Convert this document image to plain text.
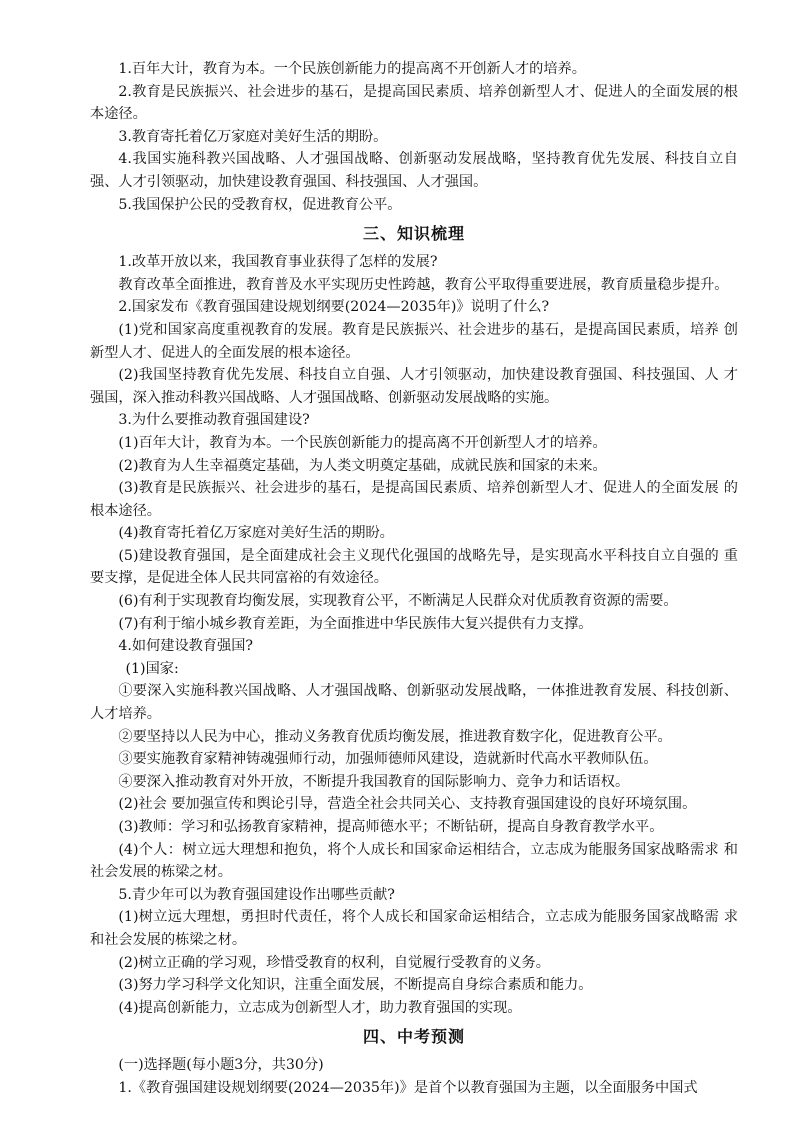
1.百年大计，教育为本。一个民族创新能力的提高离不开创新人才的培养。

2.教育是民族振兴、社会进步的基石，是提高国民素质、培养创新型人才、促进人的全面发展的根本途径。

3.教育寄托着亿万家庭对美好生活的期盼。

4.我国实施科教兴国战略、人才强国战略、创新驱动发展战略，坚持教育优先发展、科技自立自强、人才引领驱动，加快建设教育强国、科技强国、人才强国。

5.我国保护公民的受教育权，促进教育公平。

三、知识梳理

1.改革开放以来，我国教育事业获得了怎样的发展?

教育改革全面推进，教育普及水平实现历史性跨越，教育公平取得重要进展，教育质量稳步提升。

2.国家发布《教育强国建设规划纲要(2024—2035年)》说明了什么?

(1)党和国家高度重视教育的发展。教育是民族振兴、社会进步的基石，是提高国民素质，培养 创新型人才、促进人的全面发展的根本途径。

(2)我国坚持教育优先发展、科技自立自强、人才引领驱动，加快建设教育强国、科技强国、人 才强国，深入推动科教兴国战略、人才强国战略、创新驱动发展战略的实施。

3.为什么要推动教育强国建设?

(1)百年大计，教育为本。一个民族创新能力的提高离不开创新型人才的培养。

(2)教育为人生幸福奠定基础，为人类文明奠定基础，成就民族和国家的未来。

(3)教育是民族振兴、社会进步的基石，是提高国民素质、培养创新型人才、促进人的全面发展 的根本途径。

(4)教育寄托着亿万家庭对美好生活的期盼。

(5)建设教育强国，是全面建成社会主义现代化强国的战略先导，是实现高水平科技自立自强的 重要支撑，是促进全体人民共同富裕的有效途径。

(6)有利于实现教育均衡发展，实现教育公平，不断满足人民群众对优质教育资源的需要。

(7)有利于缩小城乡教育差距，为全面推进中华民族伟大复兴提供有力支撑。

4.如何建设教育强国?

(1)国家:

①要深入实施科教兴国战略、人才强国战略、创新驱动发展战略，一体推进教育发展、科技创新、 人才培养。

②要坚持以人民为中心，推动义务教育优质均衡发展，推进教育数字化，促进教育公平。

③要实施教育家精神铸魂强师行动，加强师德师风建设，造就新时代高水平教师队伍。

④要深入推动教育对外开放，不断提升我国教育的国际影响力、竞争力和话语权。

(2)社会 要加强宣传和舆论引导，营造全社会共同关心、支持教育强国建设的良好环境氛围。

(3)教师：学习和弘扬教育家精神，提高师德水平；不断钻研，提高自身教育教学水平。

(4)个人：树立远大理想和抱负，将个人成长和国家命运相结合，立志成为能服务国家战略需求 和社会发展的栋梁之材。

5.青少年可以为教育强国建设作出哪些贡献?

(1)树立远大理想，勇担时代责任，将个人成长和国家命运相结合，立志成为能服务国家战略需 求和社会发展的栋梁之材。

(2)树立正确的学习观，珍惜受教育的权利，自觉履行受教育的义务。

(3)努力学习科学文化知识，注重全面发展，不断提高自身综合素质和能力。

(4)提高创新能力，立志成为创新型人才，助力教育强国的实现。

四、中考预测

(一)选择题(每小题3分，共30分)

1.《教育强国建设规划纲要(2024—2035年)》是首个以教育强国为主题，以全面服务中国式
